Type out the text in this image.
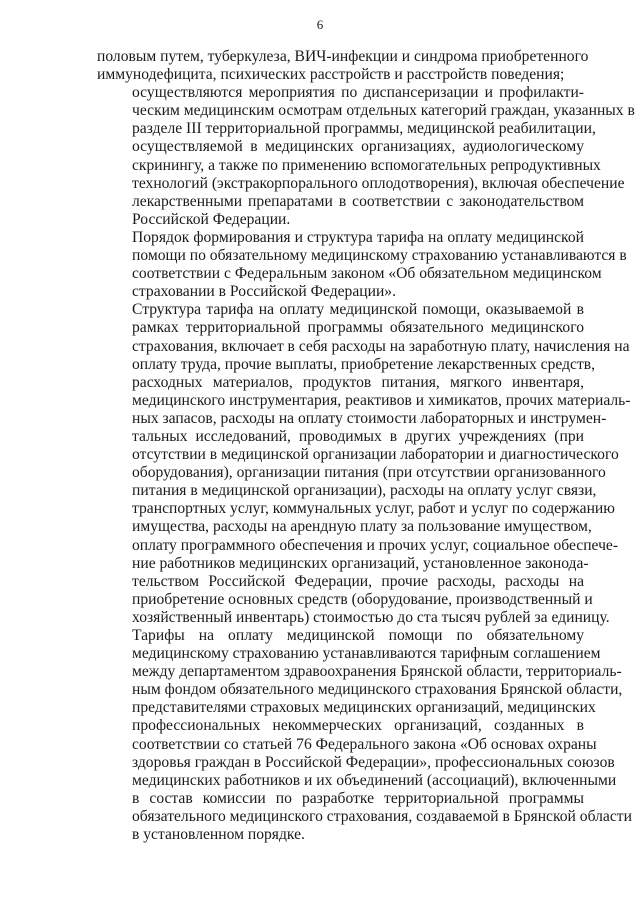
6

половым путем, туберкулеза, ВИЧ-инфекции и синдрома приобретенного
иммунодефицита, психических расстройств и расстройств поведения;

осуществляются мероприятия по диспансеризации и профилакти-
ческим медицинским осмотрам отдельных категорий граждан, указанных в
разделе III территориальной программы, медицинской реабилитации,
осуществляемой в медицинских организациях, аудиологическому
скринингу, а также по применению вспомогательных репродуктивных
технологий (экстракорпорального оплодотворения), включая обеспечение
лекарственными препаратами в соответствии с законодательством
Российской Федерации.

Порядок формирования и структура тарифа на оплату медицинской
помощи по обязательному медицинскому страхованию устанавливаются в
соответствии с Федеральным законом «Об обязательном медицинском
страховании в Российской Федерации».

Структура тарифа на оплату медицинской помощи, оказываемой в
рамках территориальной программы обязательного медицинского
страхования, включает в себя расходы на заработную плату, начисления на
оплату труда, прочие выплаты, приобретение лекарственных средств,
расходных материалов, продуктов питания, мягкого инвентаря,
медицинского инструментария, реактивов и химикатов, прочих материаль-
ных запасов, расходы на оплату стоимости лабораторных и инструмен-
тальных исследований, проводимых в других учреждениях (при
отсутствии в медицинской организации лаборатории и диагностического
оборудования), организации питания (при отсутствии организованного
питания в медицинской организации), расходы на оплату услуг связи,
транспортных услуг, коммунальных услуг, работ и услуг по содержанию
имущества, расходы на арендную плату за пользование имуществом,
оплату программного обеспечения и прочих услуг, социальное обеспече-
ние работников медицинских организаций, установленное законода-
тельством Российской Федерации, прочие расходы, расходы на
приобретение основных средств (оборудование, производственный и
хозяйственный инвентарь) стоимостью до ста тысяч рублей за единицу.

Тарифы на оплату медицинской помощи по обязательному
медицинскому страхованию устанавливаются тарифным соглашением
между департаментом здравоохранения Брянской области, территориаль-
ным фондом обязательного медицинского страхования Брянской области,
представителями страховых медицинских организаций, медицинских
профессиональных некоммерческих организаций, созданных в
соответствии со статьей 76 Федерального закона «Об основах охраны
здоровья граждан в Российской Федерации», профессиональных союзов
медицинских работников и их объединений (ассоциаций), включенными
в состав комиссии по разработке территориальной программы
обязательного медицинского страхования, создаваемой в Брянской области
в установленном порядке.
